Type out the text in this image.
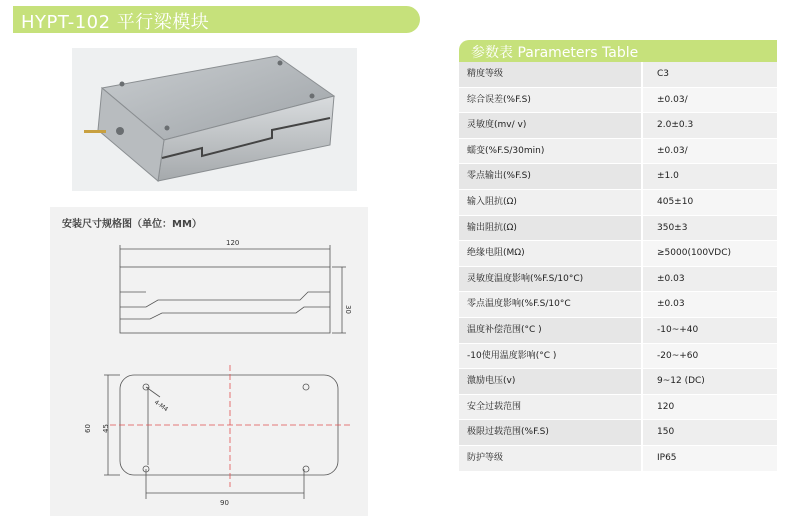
HYPT-102 平行梁模块
安装尺寸规格图（单位：MM）
120
30
4-M4
60 45
90
参数表 Parameters Table
精度等级	C3
综合误差(%F.S)	±0.03/
灵敏度(mv/ v)	2.0±0.3
蠕变(%F.S/30min)	±0.03/
零点输出(%F.S)	±1.0
输入阻抗(Ω)	405±10
输出阻抗(Ω)	350±3
绝缘电阻(MΩ)	≥5000(100VDC)
灵敏度温度影响(%F.S/10°C)	±0.03
零点温度影响(%F.S/10°C	±0.03
温度补偿范围(°C )	-10~+40
-10使用温度影响(°C )	-20~+60
激励电压(v)	9~12 (DC)
安全过载范围	120
极限过载范围(%F.S)	150
防护等级	IP65
